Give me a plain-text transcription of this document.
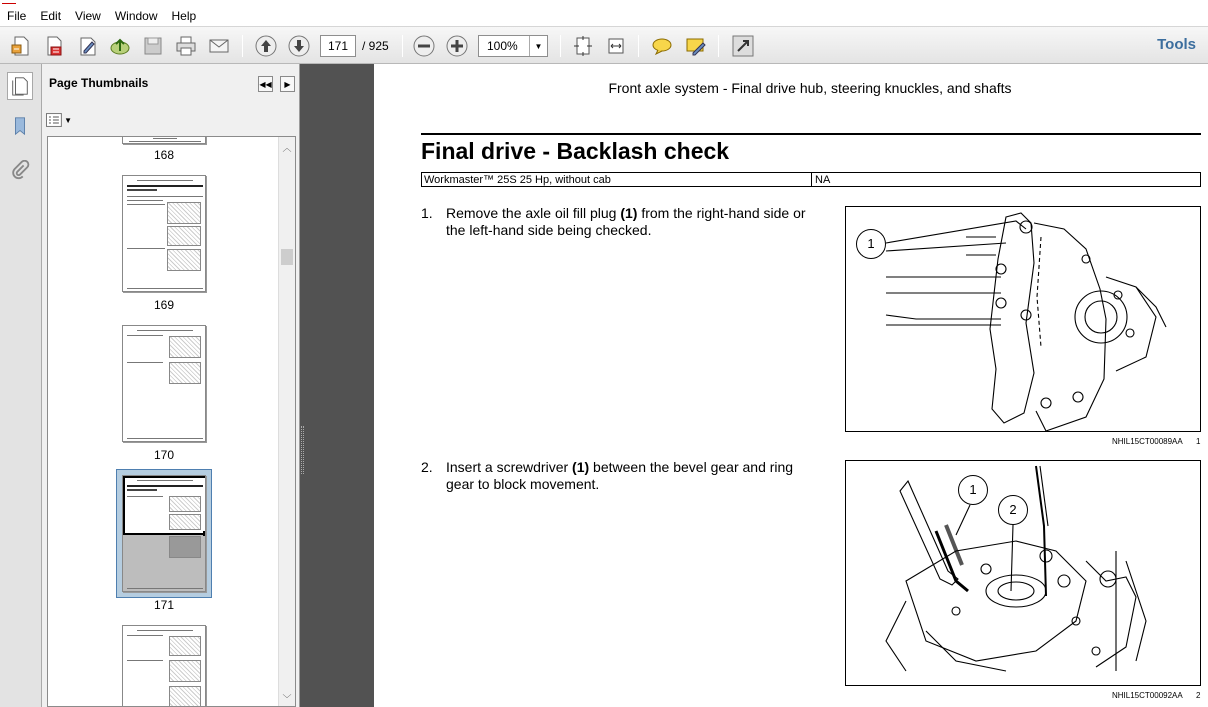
File	Edit	View	Window	Help
171	/ 925	100%	▼	Tools
Page Thumbnails	◀◀	▶
▼
168
169
170
171
︿
﹀
Front axle system - Final drive hub, steering knuckles, and shafts
Final drive - Backlash check
Workmaster™ 25S 25 Hp, without cab	NA
1. Remove the axle oil fill plug (1) from the right-hand side or the left-hand side being checked.
1
NHIL15CT00089AA 1
2. Insert a screwdriver (1) between the bevel gear and ring gear to block movement.	1
2
NHIL15CT00092AA 2
